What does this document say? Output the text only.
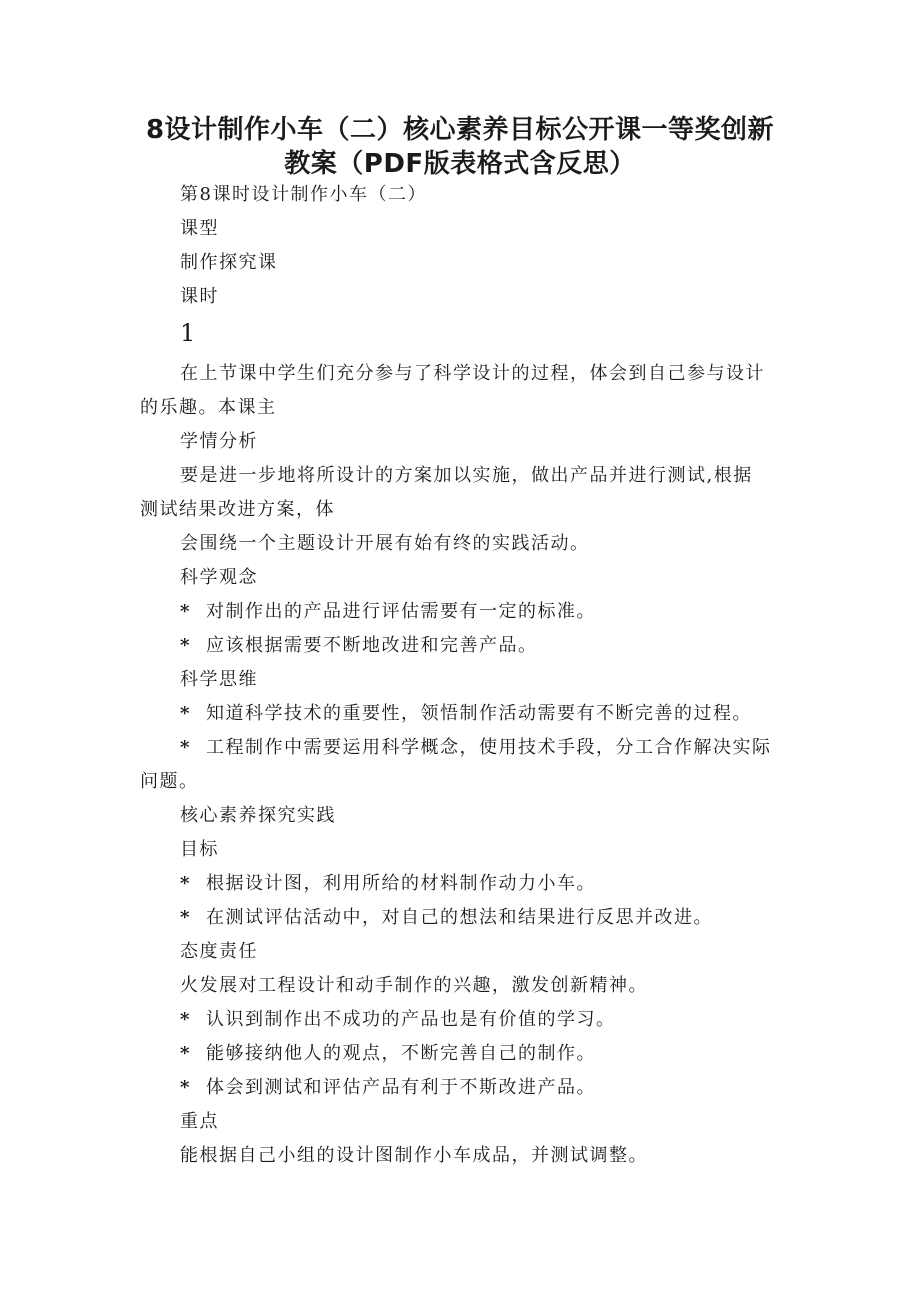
8设计制作小车（二）核心素养目标公开课一等奖创新
教案（PDF版表格式含反思）
第8课时设计制作小车（二）
课型
制作探究课
课时
1
在上节课中学生们充分参与了科学设计的过程，体会到自己参与设计
的乐趣。本课主
学情分析
要是进一步地将所设计的方案加以实施，做出产品并进行测试,根据
测试结果改进方案，体
会围绕一个主题设计开展有始有终的实践活动。
科学观念
* 对制作出的产品进行评估需要有一定的标准。
* 应该根据需要不断地改进和完善产品。
科学思维
* 知道科学技术的重要性，领悟制作活动需要有不断完善的过程。
* 工程制作中需要运用科学概念，使用技术手段，分工合作解决实际
问题。
核心素养探究实践
目标
* 根据设计图，利用所给的材料制作动力小车。
* 在测试评估活动中，对自己的想法和结果进行反思并改进。
态度责任
火发展对工程设计和动手制作的兴趣，激发创新精神。
* 认识到制作出不成功的产品也是有价值的学习。
* 能够接纳他人的观点，不断完善自己的制作。
* 体会到测试和评估产品有利于不斯改进产品。
重点
能根据自己小组的设计图制作小车成品，并测试调整。
